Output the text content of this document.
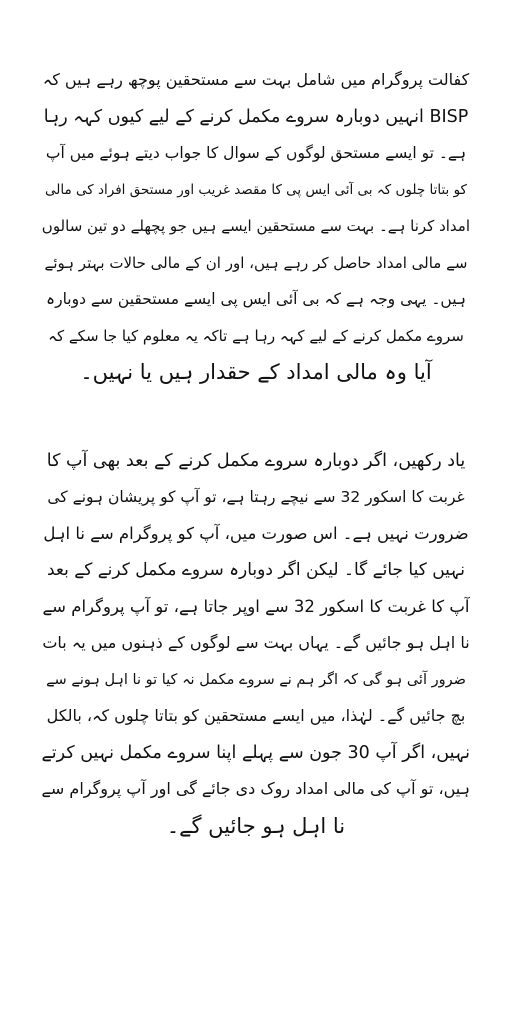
کفالت پروگرام میں شامل بہت سے مستحقین پوچھ رہے ہیں کہ
BISP انہیں دوبارہ سروے مکمل کرنے کے لیے کیوں کہہ رہا
ہے۔ تو ایسے مستحق لوگوں کے سوال کا جواب دیتے ہوئے میں آپ
کو بتاتا چلوں کہ بی آئی ایس پی کا مقصد غریب اور مستحق افراد کی مالی
امداد کرنا ہے۔ بہت سے مستحقین ایسے ہیں جو پچھلے دو تین سالوں
سے مالی امداد حاصل کر رہے ہیں، اور ان کے مالی حالات بہتر ہوئے
ہیں۔ یہی وجہ ہے کہ بی آئی ایس پی ایسے مستحقین سے دوبارہ
سروے مکمل کرنے کے لیے کہہ رہا ہے تاکہ یہ معلوم کیا جا سکے کہ
آیا وہ مالی امداد کے حقدار ہیں یا نہیں۔

یاد رکھیں، اگر دوبارہ سروے مکمل کرنے کے بعد بھی آپ کا
غربت کا اسکور 32 سے نیچے رہتا ہے، تو آپ کو پریشان ہونے کی
ضرورت نہیں ہے۔ اس صورت میں، آپ کو پروگرام سے نا اہل
نہیں کیا جائے گا۔ لیکن اگر دوبارہ سروے مکمل کرنے کے بعد
آپ کا غربت کا اسکور 32 سے اوپر جاتا ہے، تو آپ پروگرام سے
نا اہل ہو جائیں گے۔ یہاں بہت سے لوگوں کے ذہنوں میں یہ بات
ضرور آئی ہو گی کہ اگر ہم نے سروے مکمل نہ کیا تو نا اہل ہونے سے
بچ جائیں گے۔ لہٰذا، میں ایسے مستحقین کو بتاتا چلوں کہ، بالکل
نہیں، اگر آپ 30 جون سے پہلے اپنا سروے مکمل نہیں کرتے
ہیں، تو آپ کی مالی امداد روک دی جائے گی اور آپ پروگرام سے
نا اہل ہو جائیں گے۔
